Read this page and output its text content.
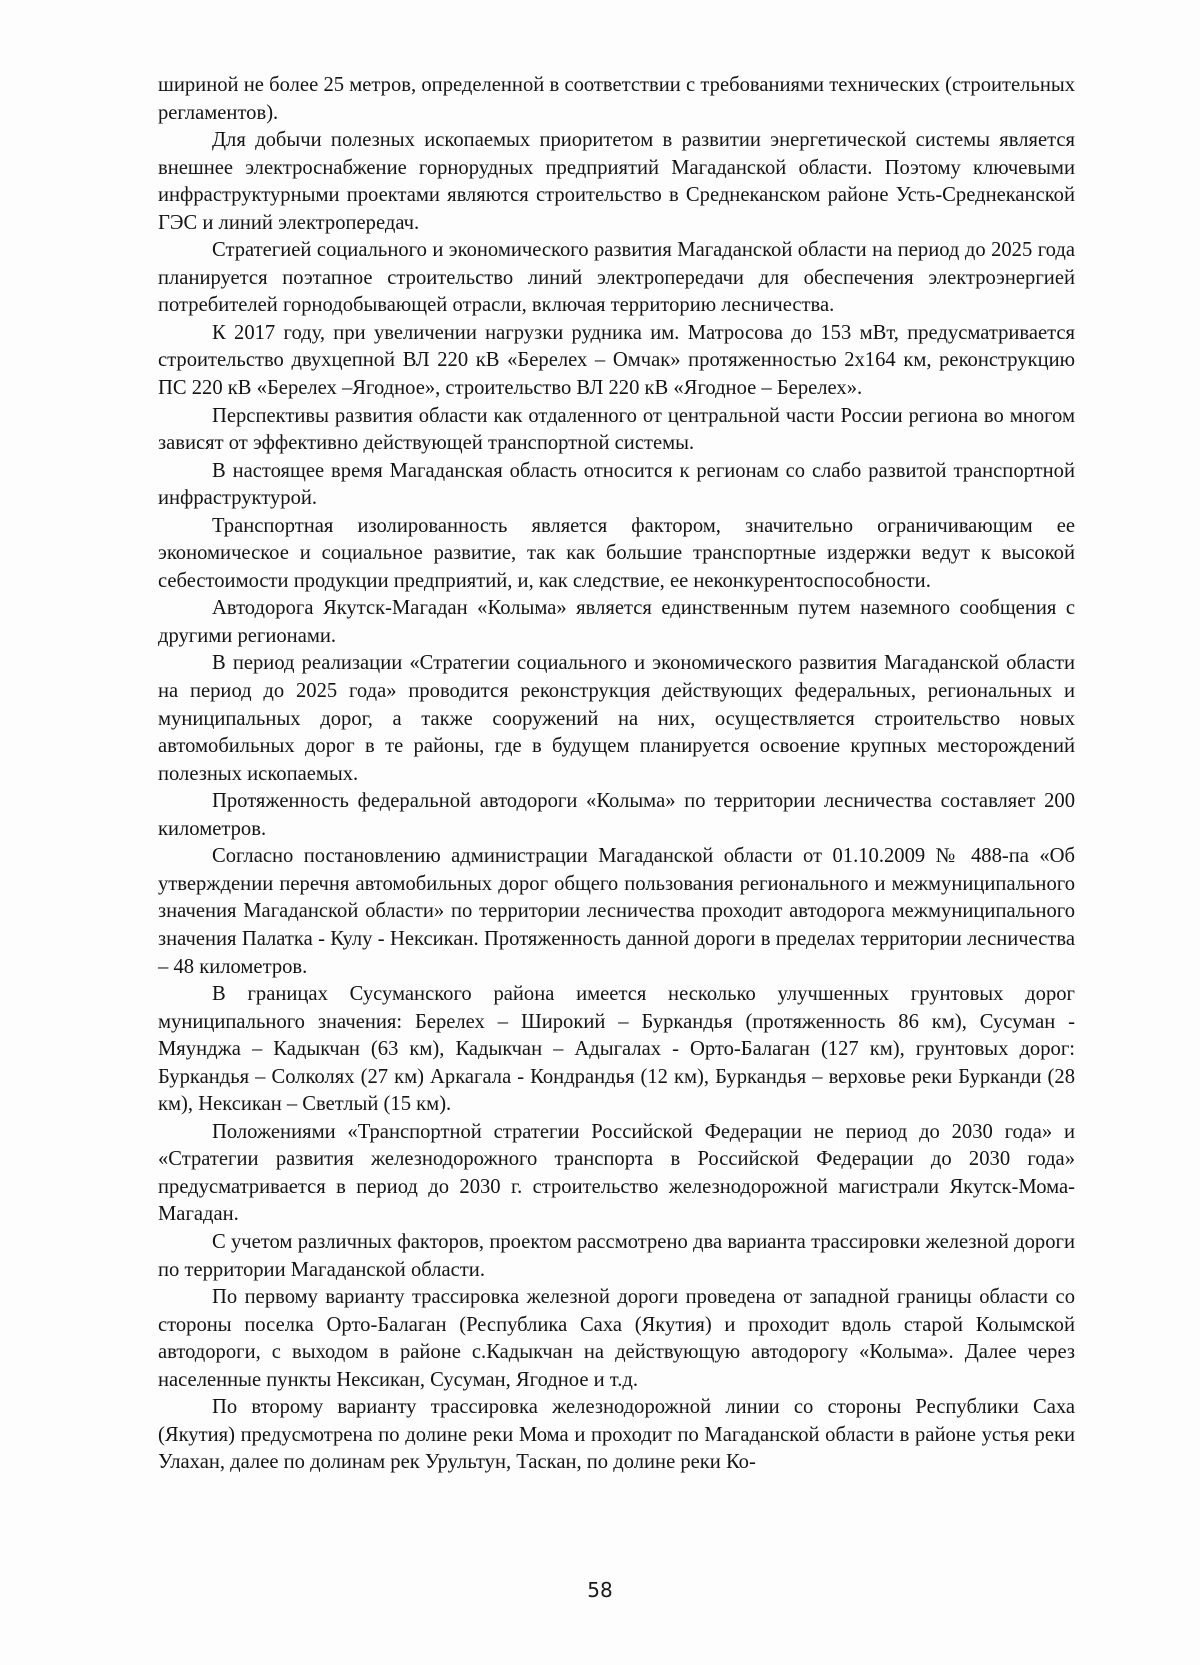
шириной не более 25 метров, определенной в соответствии с требованиями технических (строительных регламентов).

Для добычи полезных ископаемых приоритетом в развитии энергетической системы является внешнее электроснабжение горнорудных предприятий Магаданской области. Поэтому ключевыми инфраструктурными проектами являются строительство в Среднеканском районе Усть-Среднеканской ГЭС и линий электропередач.

Стратегией социального и экономического развития Магаданской области на период до 2025 года планируется поэтапное строительство линий электропередачи для обеспечения электроэнергией потребителей горнодобывающей отрасли, включая территорию лесничества.

К 2017 году, при увеличении нагрузки рудника им. Матросова до 153 мВт, предусматривается строительство двухцепной ВЛ 220 кВ «Берелех – Омчак» протяженностью 2х164 км, реконструкцию ПС 220 кВ «Берелех –Ягодное», строительство ВЛ 220 кВ «Ягодное – Берелех».

Перспективы развития области как отдаленного от центральной части России региона во многом зависят от эффективно действующей транспортной системы.

В настоящее время Магаданская область относится к регионам со слабо развитой транспортной инфраструктурой.

Транспортная изолированность является фактором, значительно ограничивающим ее экономическое и социальное развитие, так как большие транспортные издержки ведут к высокой себестоимости продукции предприятий, и, как следствие, ее неконкурентоспособности.

Автодорога Якутск-Магадан «Колыма» является единственным путем наземного сообщения с другими регионами.

В период реализации «Стратегии социального и экономического развития Магаданской области на период до 2025 года» проводится реконструкция действующих федеральных, региональных и муниципальных дорог, а также сооружений на них, осуществляется строительство новых автомобильных дорог в те районы, где в будущем планируется освоение крупных месторождений полезных ископаемых.

Протяженность федеральной автодороги «Колыма» по территории лесничества составляет 200 километров.

Согласно постановлению администрации Магаданской области от 01.10.2009 № 488-па «Об утверждении перечня автомобильных дорог общего пользования регионального и межмуниципального значения Магаданской области» по территории лесничества проходит автодорога межмуниципального значения Палатка - Кулу - Нексикан. Протяженность данной дороги в пределах территории лесничества – 48 километров.

В границах Сусуманского района имеется несколько улучшенных грунтовых дорог муниципального значения: Берелех – Широкий – Буркандья (протяженность 86 км), Сусуман - Мяунджа – Кадыкчан (63 км), Кадыкчан – Адыгалах - Орто-Балаган (127 км), грунтовых дорог: Буркандья – Солколях (27 км) Аркагала - Кондрандья (12 км), Буркандья – верховье реки Бурканди (28 км), Нексикан – Светлый (15 км).

Положениями «Транспортной стратегии Российской Федерации не период до 2030 года» и «Стратегии развития железнодорожного транспорта в Российской Федерации до 2030 года» предусматривается в период до 2030 г. строительство железнодорожной магистрали Якутск-Мома-Магадан.

С учетом различных факторов, проектом рассмотрено два варианта трассировки железной дороги по территории Магаданской области.

По первому варианту трассировка железной дороги проведена от западной границы области со стороны поселка Орто-Балаган (Республика Саха (Якутия) и проходит вдоль старой Колымской автодороги, с выходом в районе с.Кадыкчан на действующую автодорогу «Колыма». Далее через населенные пункты Нексикан, Сусуман, Ягодное и т.д.

По второму варианту трассировка железнодорожной линии со стороны Республики Саха (Якутия) предусмотрена по долине реки Мома и проходит по Магаданской области в районе устья реки Улахан, далее по долинам рек Урультун, Таскан, по долине реки Ко-

58
